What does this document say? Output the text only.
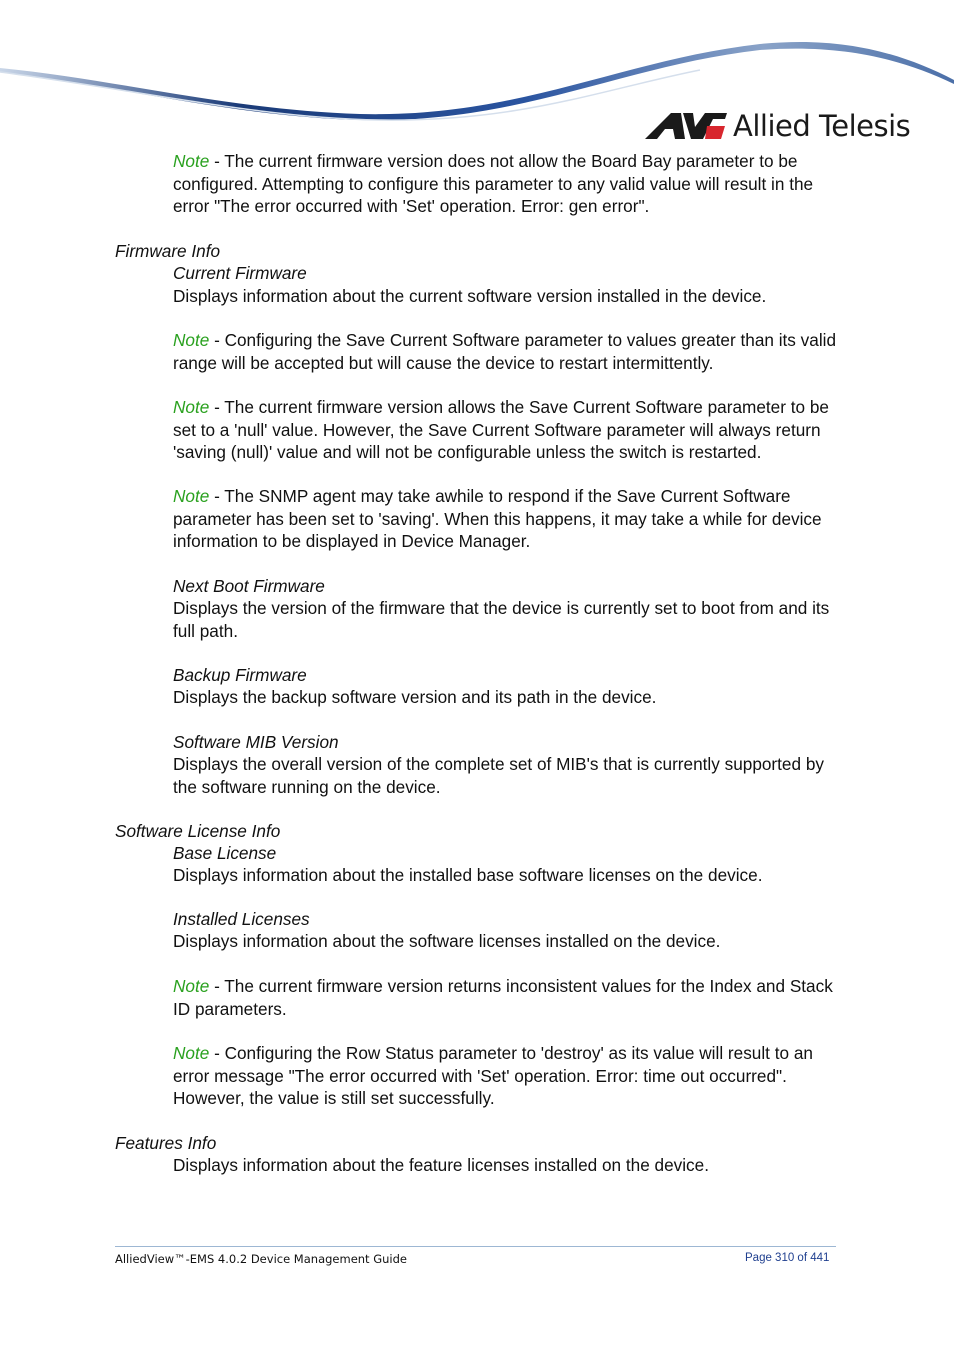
Allied Telesis

Note - The current firmware version does not allow the Board Bay parameter to be configured. Attempting to configure this parameter to any valid value will result in the error "The error occurred with 'Set' operation. Error: gen error".

Firmware Info

Current Firmware

Displays information about the current software version installed in the device.

Note - Configuring the Save Current Software parameter to values greater than its valid range will be accepted but will cause the device to restart intermittently.

Note - The current firmware version allows the Save Current Software parameter to be set to a 'null' value. However, the Save Current Software parameter will always return 'saving (null)' value and will not be configurable unless the switch is restarted.

Note - The SNMP agent may take awhile to respond if the Save Current Software parameter has been set to 'saving'. When this happens, it may take a while for device information to be displayed in Device Manager.

Next Boot Firmware

Displays the version of the firmware that the device is currently set to boot from and its full path.

Backup Firmware

Displays the backup software version and its path in the device.

Software MIB Version

Displays the overall version of the complete set of MIB's that is currently supported by the software running on the device.

Software License Info

Base License

Displays information about the installed base software licenses on the device.

Installed Licenses

Displays information about the software licenses installed on the device.

Note - The current firmware version returns inconsistent values for the Index and Stack ID parameters.

Note - Configuring the Row Status parameter to 'destroy' as its value will result to an error message "The error occurred with 'Set' operation. Error: time out occurred". However, the value is still set successfully.

Features Info

Displays information about the feature licenses installed on the device.

AlliedView™-EMS 4.0.2 Device Management Guide	Page 310 of 441
